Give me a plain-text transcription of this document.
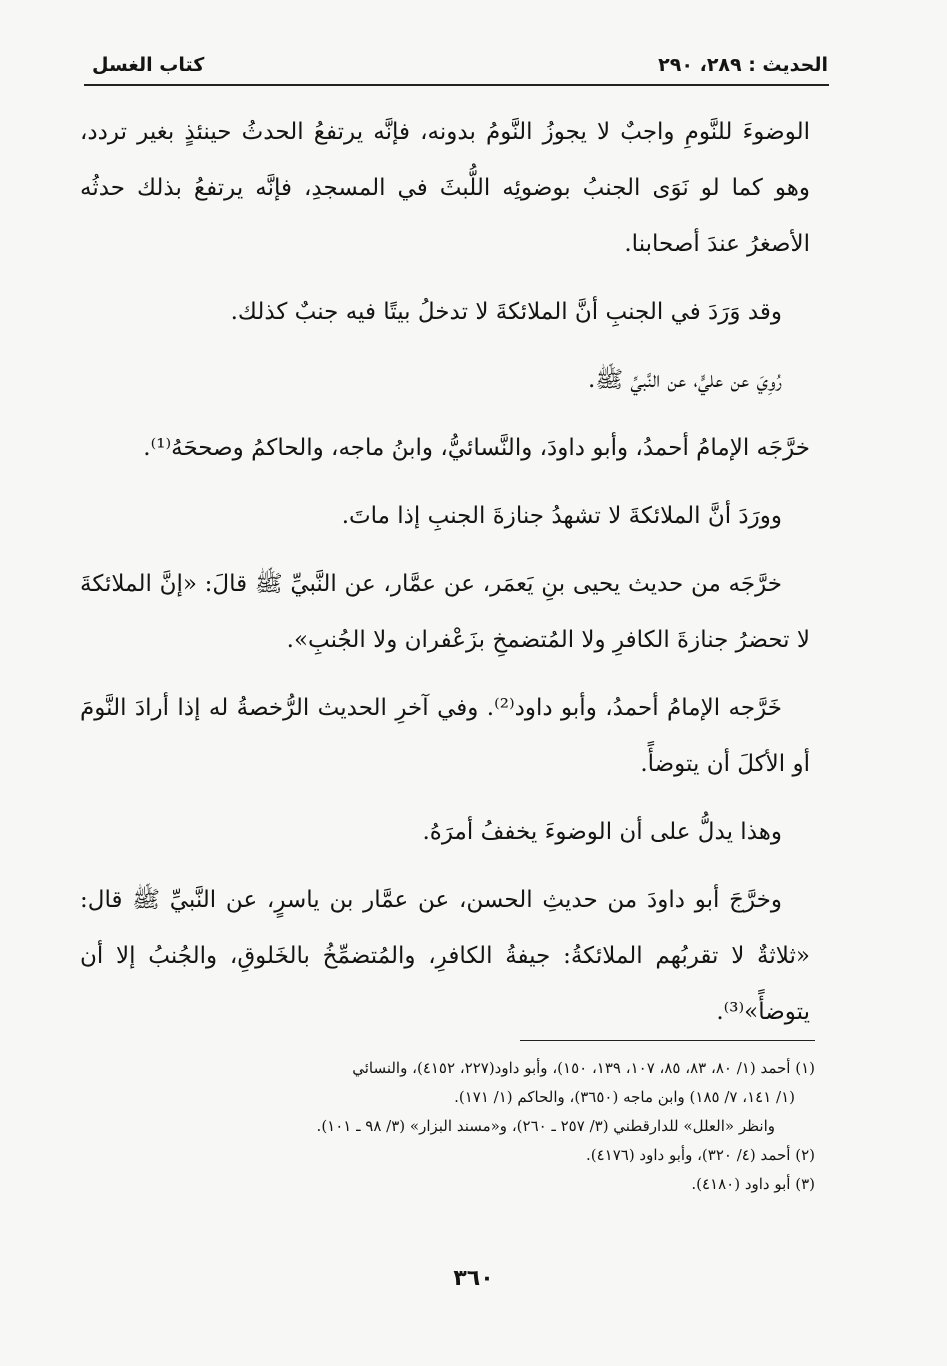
الحديث : ٢٨٩، ٢٩٠
كتاب الغسل

الوضوءَ للنَّومِ واجبٌ لا يجوزُ النَّومُ بدونه، فإنَّه يرتفعُ الحدثُ حينئذٍ بغير تردد، وهو كما لو نَوَى الجنبُ بوضوئِه اللُّبثَ في المسجدِ، فإنَّه يرتفعُ بذلك حدثُه الأصغرُ عندَ أصحابنا.

وقد وَرَدَ في الجنبِ أنَّ الملائكةَ لا تدخلُ بيتًا فيه جنبٌ كذلك.

رُوِيَ عن عليٍّ، عن النَّبيِّ ﷺ.

خرَّجَه الإمامُ أحمدُ، وأبو داودَ، والنَّسائيُّ، وابنُ ماجه، والحاكمُ وصححَهُ⁽¹⁾.

وورَدَ أنَّ الملائكةَ لا تشهدُ جنازةَ الجنبِ إذا ماتَ.

خرَّجَه من حديث يحيى بنِ يَعمَر، عن عمَّار، عن النَّبيِّ ﷺ قالَ: «إنَّ الملائكةَ لا تحضرُ جنازةَ الكافرِ ولا المُتضمخِ بزَعْفران ولا الجُنبِ».

خَرَّجه الإمامُ أحمدُ، وأبو داود⁽²⁾. وفي آخرِ الحديث الرُّخصةُ له إذا أرادَ النَّومَ أو الأكلَ أن يتوضأً.

وهذا يدلُّ على أن الوضوءَ يخففُ أمرَهُ.

وخرَّجَ أبو داودَ من حديثِ الحسن، عن عمَّار بن ياسرٍ، عن النَّبيِّ ﷺ قال: «ثلاثةٌ لا تقربُهم الملائكةُ: جيفةُ الكافرِ، والمُتضمِّخُ بالخَلوقِ، والجُنبُ إلا أن يتوضأً»⁽³⁾.

(١) أحمد (١/ ٨٠، ٨٣، ٨٥، ١٠٧، ١٣٩، ١٥٠)، وأبو داود(٢٢٧، ٤١٥٢)، والنسائي

(١/ ١٤١، ٧/ ١٨٥) وابن ماجه (٣٦٥٠)، والحاكم (١/ ١٧١).

وانظر «العلل» للدارقطني (٣/ ٢٥٧ ـ ٢٦٠)، و«مسند البزار» (٣/ ٩٨ ـ ١٠١).

(٢) أحمد (٤/ ٣٢٠)، وأبو داود (٤١٧٦).

(٣) أبو داود (٤١٨٠).

٣٦٠
